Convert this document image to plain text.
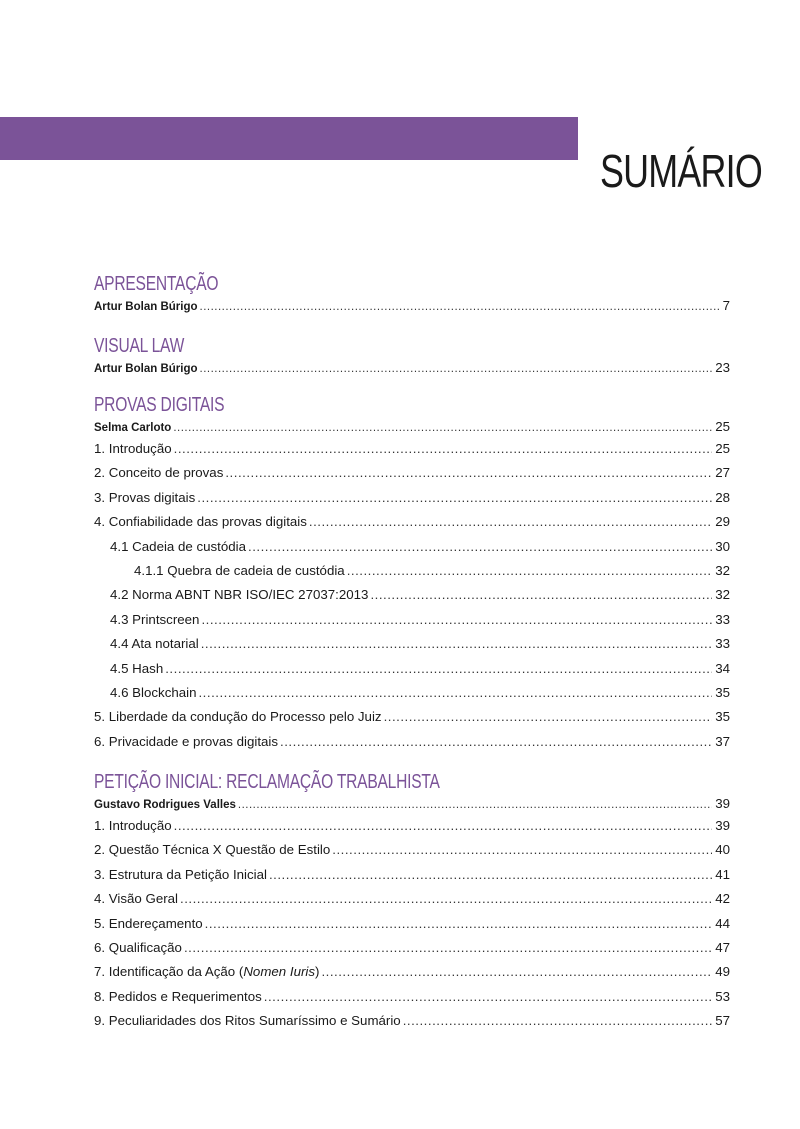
SUMÁRIO
APRESENTAÇÃO
Artur Bolan Búrigo .....	7
VISUAL LAW
Artur Bolan Búrigo .....	23
PROVAS DIGITAIS
Selma Carloto .....	25
1. Introdução .....	25
2. Conceito de provas .....	27
3. Provas digitais .....	28
4. Confiabilidade das provas digitais .....	29
4.1 Cadeia de custódia .....	30
4.1.1 Quebra de cadeia de custódia .....	32
4.2 Norma ABNT NBR ISO/IEC 27037:2013 .....	32
4.3 Printscreen .....	33
4.4 Ata notarial .....	33
4.5 Hash .....	34
4.6 Blockchain .....	35
5. Liberdade da condução do Processo pelo Juiz .....	35
6. Privacidade e provas digitais .....	37
PETIÇÃO INICIAL: RECLAMAÇÃO TRABALHISTA
Gustavo Rodrigues Valles .....	39
1. Introdução .....	39
2. Questão Técnica X Questão de Estilo .....	40
3. Estrutura da Petição Inicial .....	41
4. Visão Geral .....	42
5. Endereçamento .....	44
6. Qualificação .....	47
7. Identificação da Ação (Nomen Iuris) .....	49
8. Pedidos e Requerimentos .....	53
9. Peculiaridades dos Ritos Sumaríssimo e Sumário .....	57
